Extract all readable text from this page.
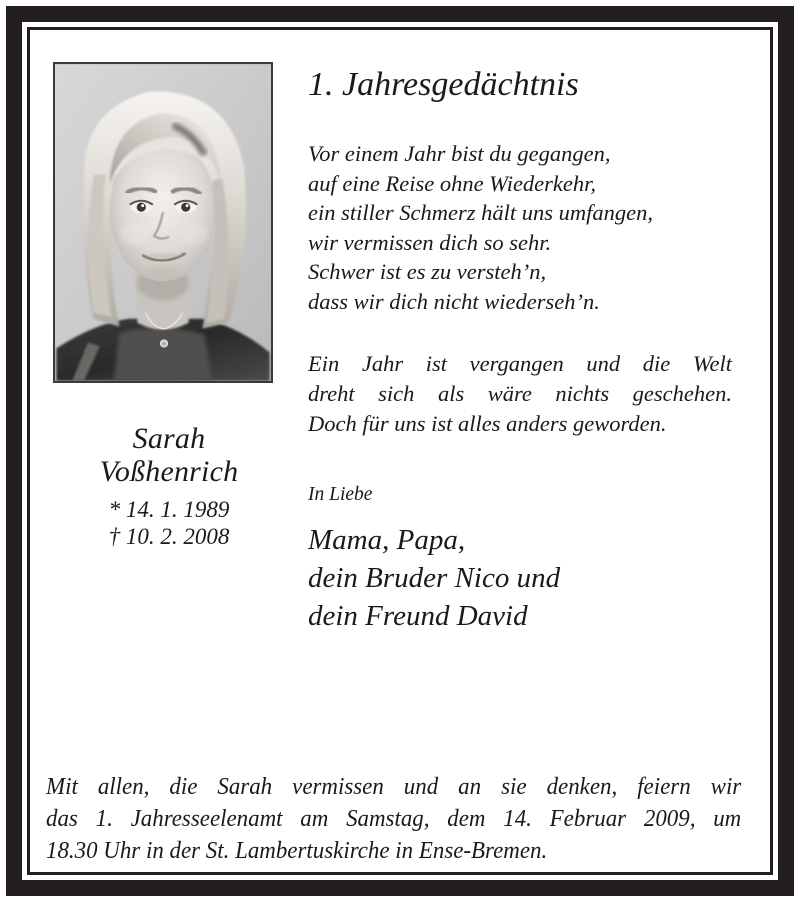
Sarah
Voßhenrich
* 14. 1. 1989
† 10. 2. 2008
1. Jahresgedächtnis
Vor einem Jahr bist du gegangen,
auf eine Reise ohne Wiederkehr,
ein stiller Schmerz hält uns umfangen,
wir vermissen dich so sehr.
Schwer ist es zu versteh’n,
dass wir dich nicht wiederseh’n.
Ein Jahr ist vergangen und die Welt
dreht sich als wäre nichts geschehen.
Doch für uns ist alles anders geworden.
In Liebe
Mama, Papa,
dein Bruder Nico und
dein Freund David
Mit allen, die Sarah vermissen und an sie denken, feiern wir
das 1. Jahresseelenamt am Samstag, dem 14. Februar 2009, um
18.30 Uhr in der St. Lambertuskirche in Ense-Bremen.
